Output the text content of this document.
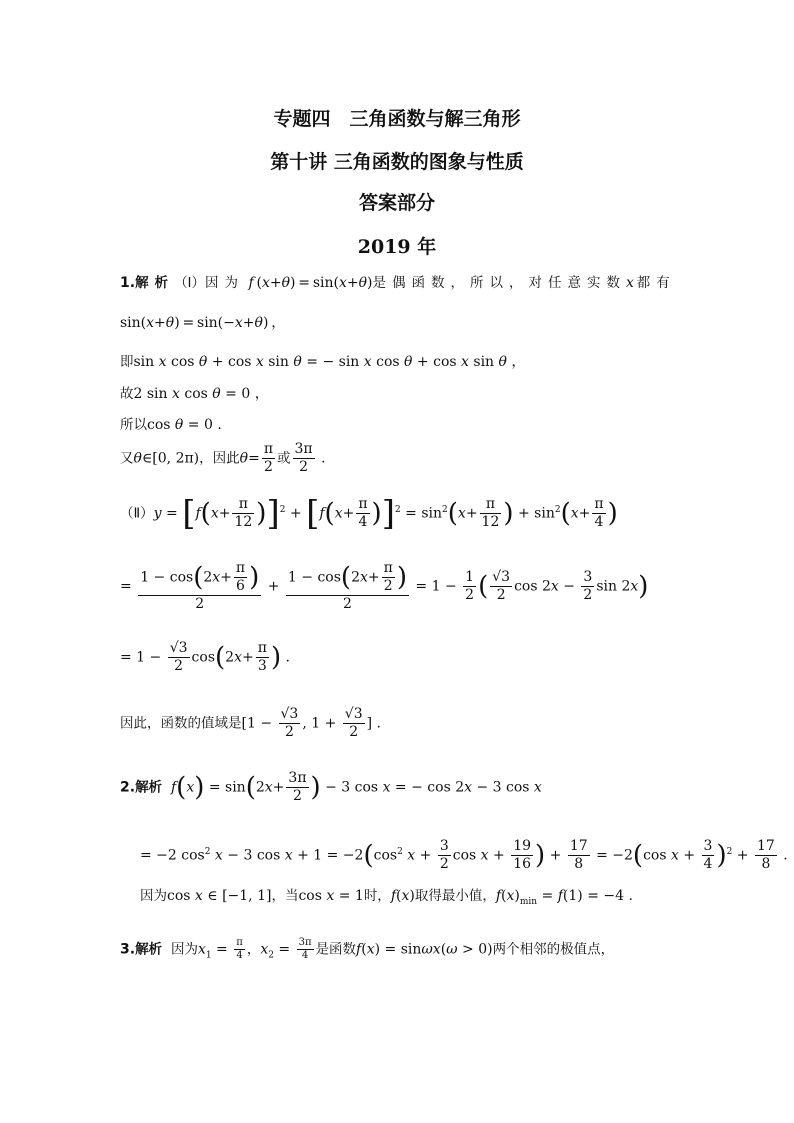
专题四　三角函数与解三角形
第十讲 三角函数的图象与性质
答案部分
2019 年
1.解析（Ⅰ）因为 f (x+θ) = sin(x+θ)是偶函数，所以，对任意实数x  都有
sin(x+θ) = sin(−x+θ) ，
即sin x cos θ + cos x sin θ = − sin x cos θ + cos x sin θ ，
故2 sin x cos θ = 0 ，
所以cos θ = 0 .
又θ∈[0, 2π)，因此$\theta= \frac{\pi}{2}$ 或 $\frac{3\pi}{2}$ .
（Ⅱ）y = $[f(x+ \frac{\pi}{12} )]^2 + [f(x+ \frac{\pi}{4} )]^2 = \sin^2(x+ \frac{\pi}{12}$ ) + $\sin^2(x+ \frac{\pi}{4}$ )
= $\frac{1 - \cos(2x+ \frac{\pi}{6} )}{2} + \frac{1 - \cos(2x+ \frac{\pi}{2} )}{2} = 1 - \frac{1}{2}$ ( $\frac{√3}{2}$ $\cos 2x - \frac{3}{2}$ sin 2x)
= $1 - \frac{√3}{2} \cos(2x+ \frac{\pi}{3}$ ) .
因此，函数的值域是[$1 - \frac{√3}{2}$ , $1 + \frac{√3}{2}$ ] .
2.解析 $f(x) = \sin(2x+ \frac{3\pi}{2}$ ) − 3 cos x = − cos 2x − 3 cos x
= −2 $\cos^2 x - 3$ $\cos x + 1 = -2(\cos^2$ $x + \frac{3}{2}$ $\cos x + \frac{19}{16}$ ) + $\frac{17}{8} = -2(\cos$ $x + \frac{3}{4} )^2 + \frac{17}{8}$ .
因为cos x ∈ [−1, 1]，当cos x = 1时，f(x)取得最小值，$f(x)_{min} = f(1) = -4$ .
3.解析 因为$x_1 = \frac{\pi}{4}$ ，$x_2 = \frac{3\pi}{4}$ 是函数f(x) = sinωx(ω > 0)两个相邻的极值点，
